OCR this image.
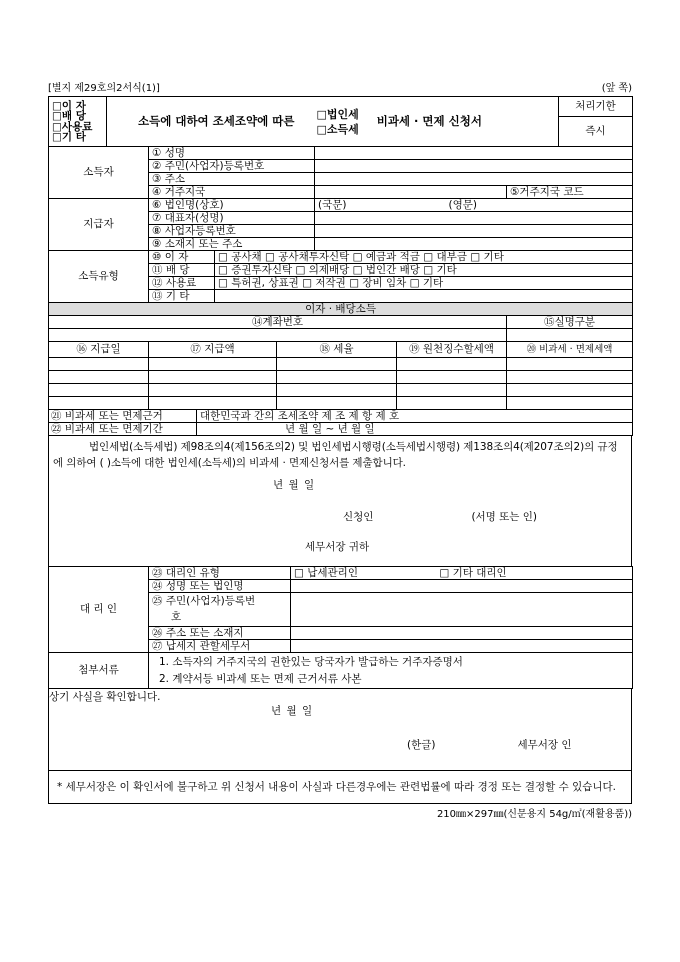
[별지 제29호의2서식(1)]	(앞 쪽)
□이 자
□배 당
□사용료
□기 타

소득에 대하여 조세조약에 따른 □법인세
□소득세
비과세 · 면제 신청서
	처리기한
즉시
소득자	① 성명					
	② 주민(사업자)등록번호					
	③ 주소					
	④ 거주지국				⑤거주지국 코드	
지급자	⑥ 법인명(상호)		(국문)	(영문)		
	⑦ 대표자(성명)					
	⑧ 사업자등록번호					
	⑨ 소재지 또는 주소					
소득유형	⑩ 이 자	□ 공사채 □ 공사채투자신탁 □ 예금과 적금 □ 대부금 □ 기타				
	⑪ 배 당	□ 증권투자신탁 □ 의제배당 □ 법인간 배당 □ 기타				
	⑫ 사용료	□ 특허권, 상표권 □ 저작권 □ 장비 임차 □ 기타				
	⑬ 기 타					
이자 · 배당소득				
⑭계좌번호				⑮실명구분

⑯ 지급일	⑰ 지급액	⑱ 세율	⑲ 원천징수할세액	⑳ 비과세 · 면제세액

㉑ 비과세 또는 면제근거	대한민국과 간의 조세조약 제 조 제 항 제 호
㉒ 비과세 또는 면제기간	년 월 일 ~ 년 월 일
법인세법(소득세법) 제98조의4(제156조의2) 및 법인세법시행령(소득세법시행령) 제138조의4(제207조의2)의 규정에 의하여 ( )소득에 대한 법인세(소득세)의 비과세 · 면제신청서를 제출합니다.
년 월 일
신청인	(서명 또는 인)
세무서장 귀하
대 리 인	㉓ 대리인 유형	□ 납세관리인 □ 기타 대리인
	㉔ 성명 또는 법인명	
	㉕ 주민(사업자)등록번	
	호	
	㉖ 주소 또는 소재지	
	㉗ 납세지 관할세무서	
첨부서류	
1. 소득자의 거주지국의 권한있는 당국자가 발급하는 거주자증명서
2. 계약서등 비과세 또는 면제 근거서류 사본
상기 사실을 확인합니다.
년 월 일
(한글)	세무서장 인

* 세무서장은 이 확인서에 불구하고 위 신청서 내용이 사실과 다른경우에는 관련법률에 따라 경정 또는 결정할 수 있습니다.
210㎜×297㎜(신문용지 54g/㎡(재활용품))
